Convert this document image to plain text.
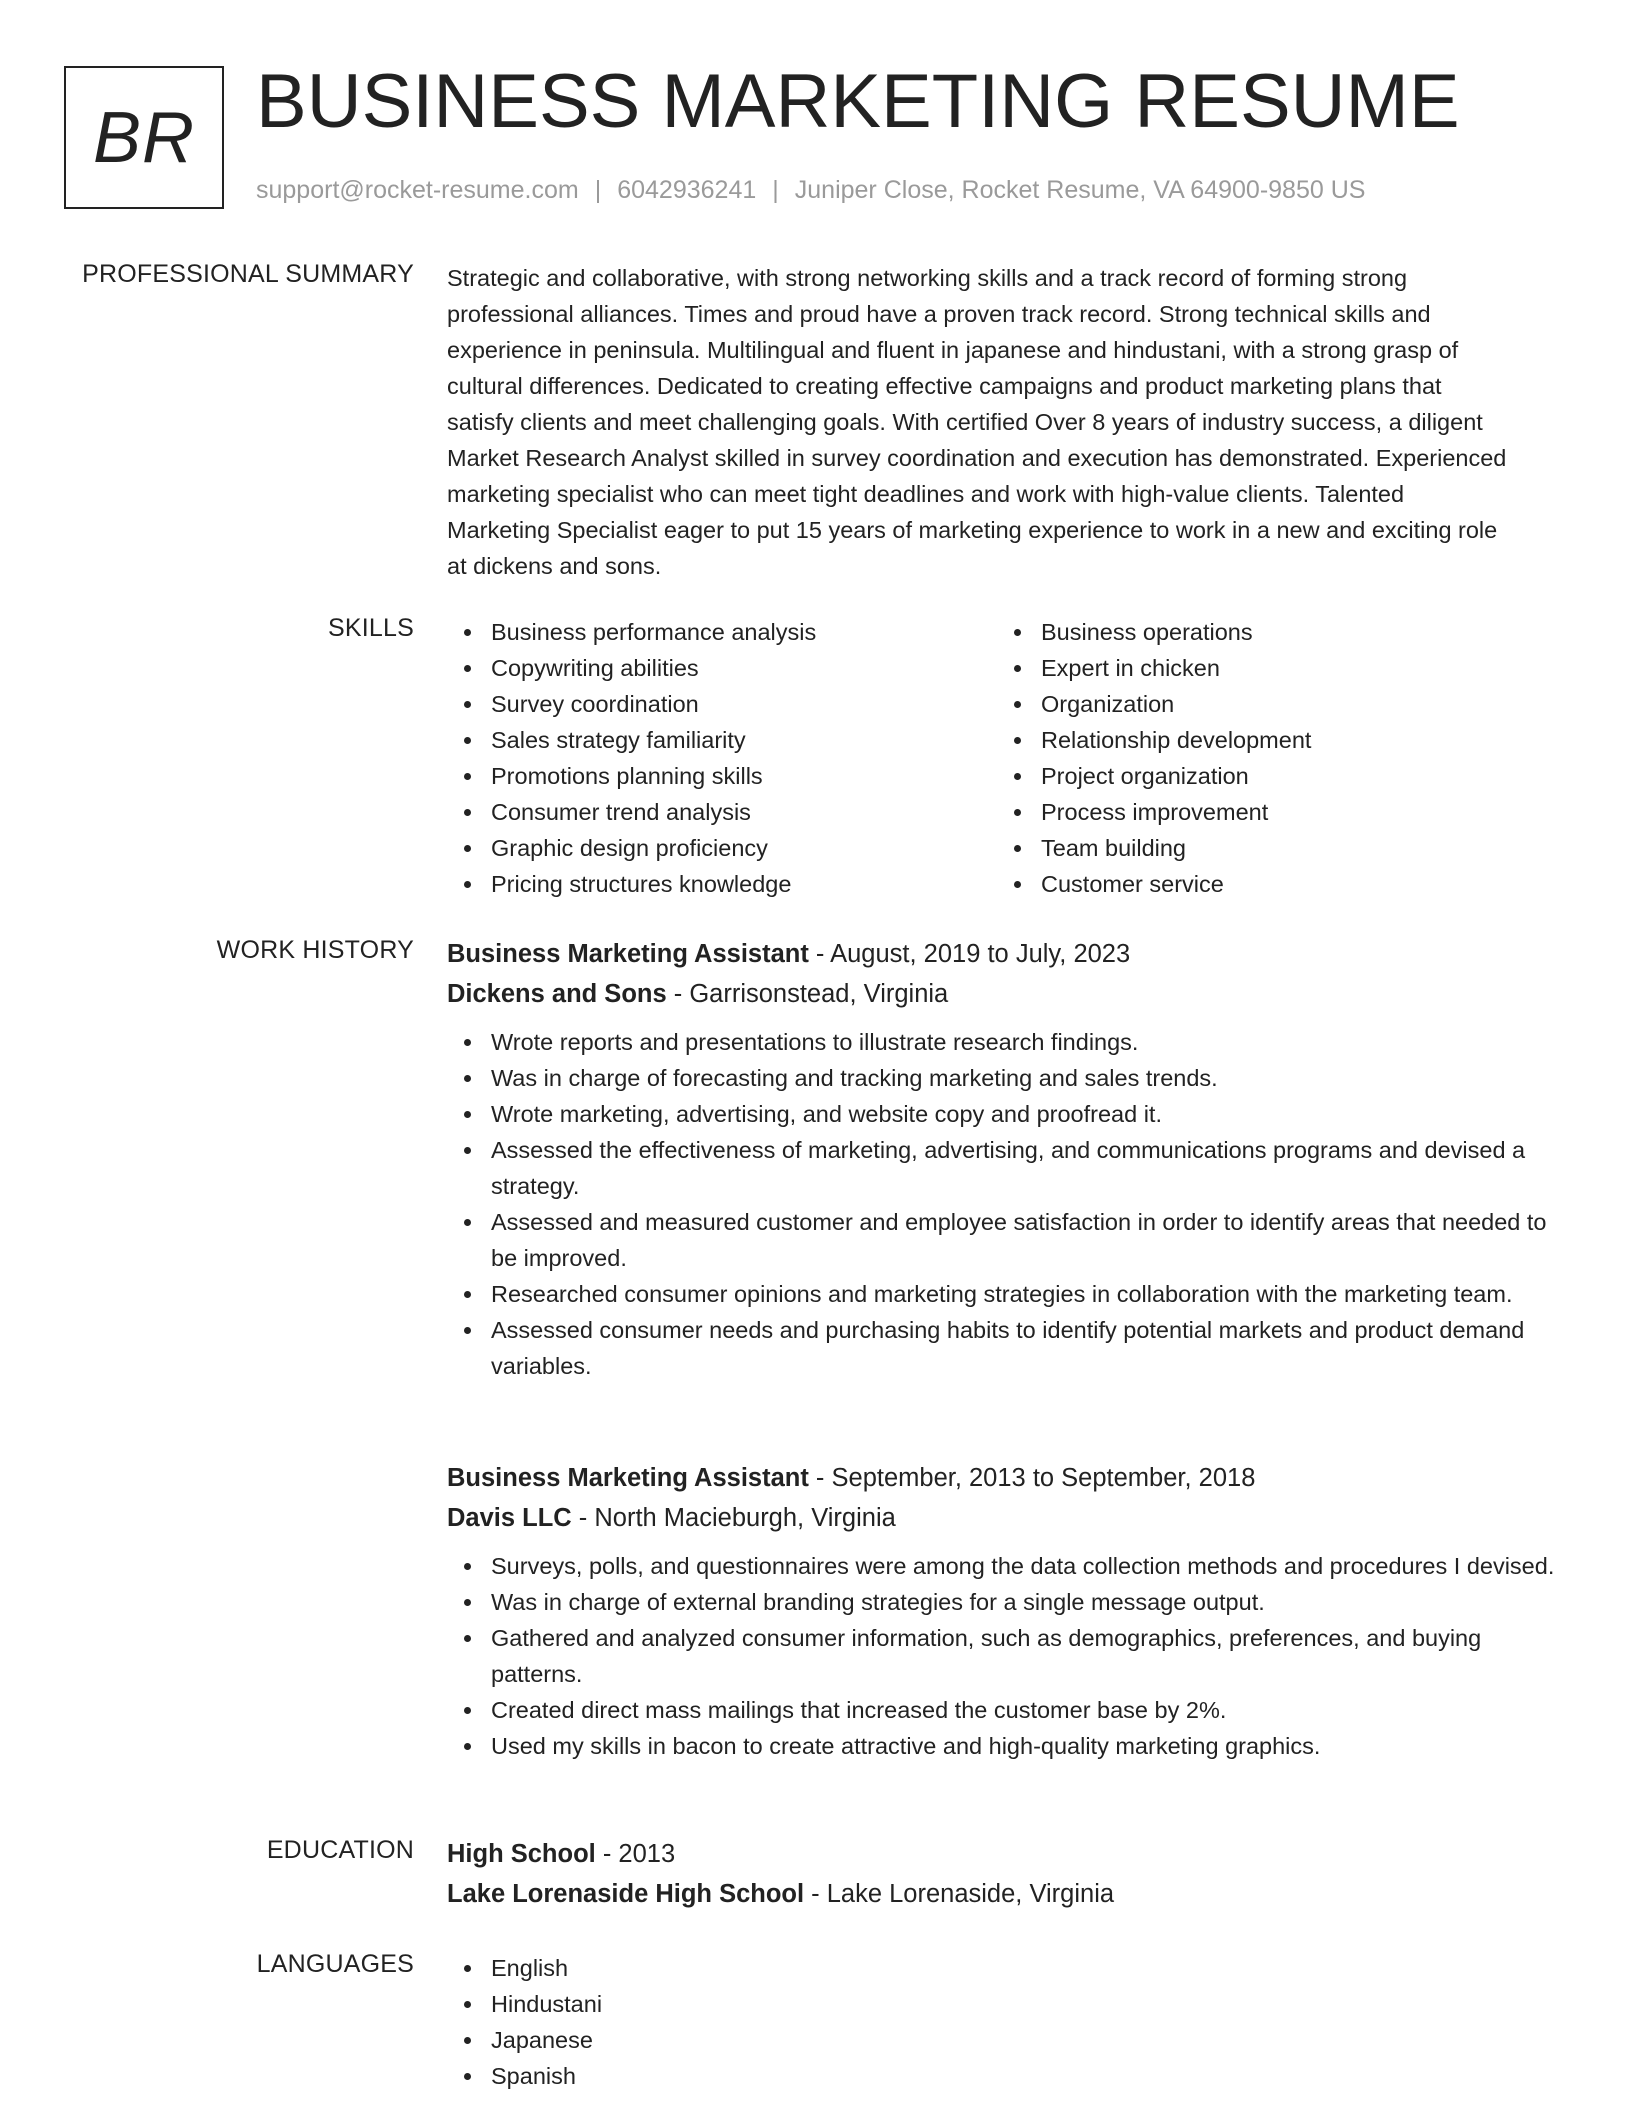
BR BUSINESS MARKETING RESUME
support@rocket-resume.com | 6042936241 | Juniper Close, Rocket Resume, VA 64900-9850 US
PROFESSIONAL SUMMARY Strategic and collaborative, with strong networking skills and a track record of forming strong
professional alliances. Times and proud have a proven track record. Strong technical skills and
experience in peninsula. Multilingual and fluent in japanese and hindustani, with a strong grasp of
cultural differences. Dedicated to creating effective campaigns and product marketing plans that
satisfy clients and meet challenging goals. With certified Over 8 years of industry success, a diligent
Market Research Analyst skilled in survey coordination and execution has demonstrated. Experienced
marketing specialist who can meet tight deadlines and work with high-value clients. Talented
Marketing Specialist eager to put 15 years of marketing experience to work in a new and exciting role
at dickens and sons.
SKILLS	Business performance analysis
Copywriting abilities
Survey coordination
Sales strategy familiarity
Promotions planning skills
Consumer trend analysis
Graphic design proficiency
Pricing structures knowledge
Business operations
Expert in chicken
Organization
Relationship development
Project organization
Process improvement
Team building
Customer service
WORK HISTORY Business Marketing Assistant - August, 2019 to July, 2023
Dickens and Sons - Garrisonstead, Virginia
Wrote reports and presentations to illustrate research findings.
Was in charge of forecasting and tracking marketing and sales trends.
Wrote marketing, advertising, and website copy and proofread it.
Assessed the effectiveness of marketing, advertising, and communications programs and devised a strategy.
Assessed and measured customer and employee satisfaction in order to identify areas that needed to be improved.
Researched consumer opinions and marketing strategies in collaboration with the marketing team.
Assessed consumer needs and purchasing habits to identify potential markets and product demand variables.
Business Marketing Assistant - September, 2013 to September, 2018
Davis LLC - North Macieburgh, Virginia
Surveys, polls, and questionnaires were among the data collection methods and procedures I devised.
Was in charge of external branding strategies for a single message output.
Gathered and analyzed consumer information, such as demographics, preferences, and buying patterns.
Created direct mass mailings that increased the customer base by 2%.
Used my skills in bacon to create attractive and high-quality marketing graphics.
EDUCATION High School - 2013
Lake Lorenaside High School - Lake Lorenaside, Virginia
LANGUAGES	English
Hindustani
Japanese
Spanish
